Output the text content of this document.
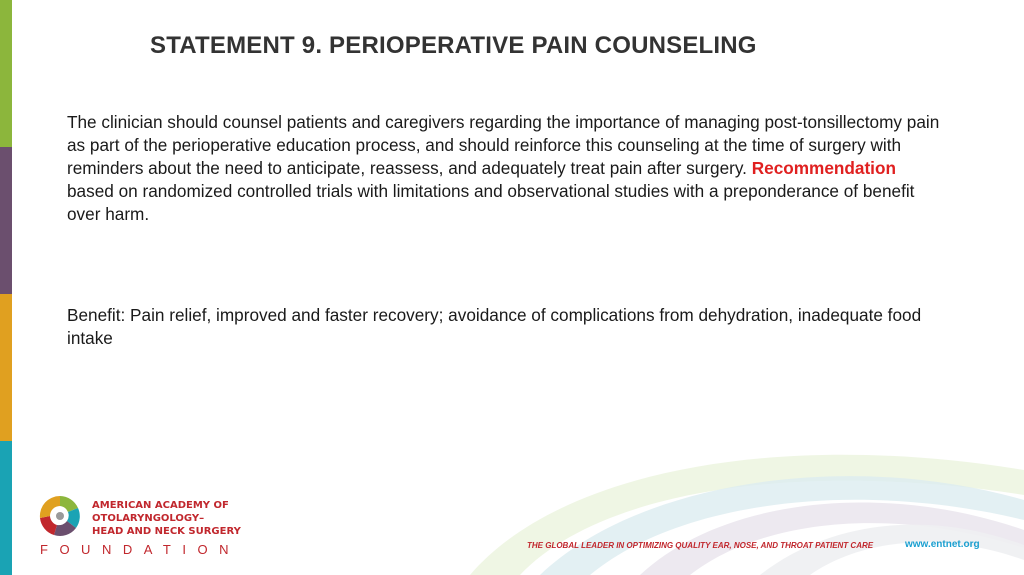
STATEMENT 9. PERIOPERATIVE PAIN COUNSELING
The clinician should counsel patients and caregivers regarding the importance of managing post-tonsillectomy pain as part of the perioperative education process, and should reinforce this counseling at the time of surgery with reminders about the need to anticipate, reassess, and adequately treat pain after surgery. Recommendation based on randomized controlled trials with limitations and observational studies with a preponderance of benefit over harm.
Benefit: Pain relief, improved and faster recovery; avoidance of complications from dehydration, inadequate food intake
AMERICAN ACADEMY OF
OTOLARYNGOLOGY–
HEAD AND NECK SURGERY
FOUNDATION	THE GLOBAL LEADER IN OPTIMIZING QUALITY EAR, NOSE, AND THROAT PATIENT CARE	www.entnet.org
